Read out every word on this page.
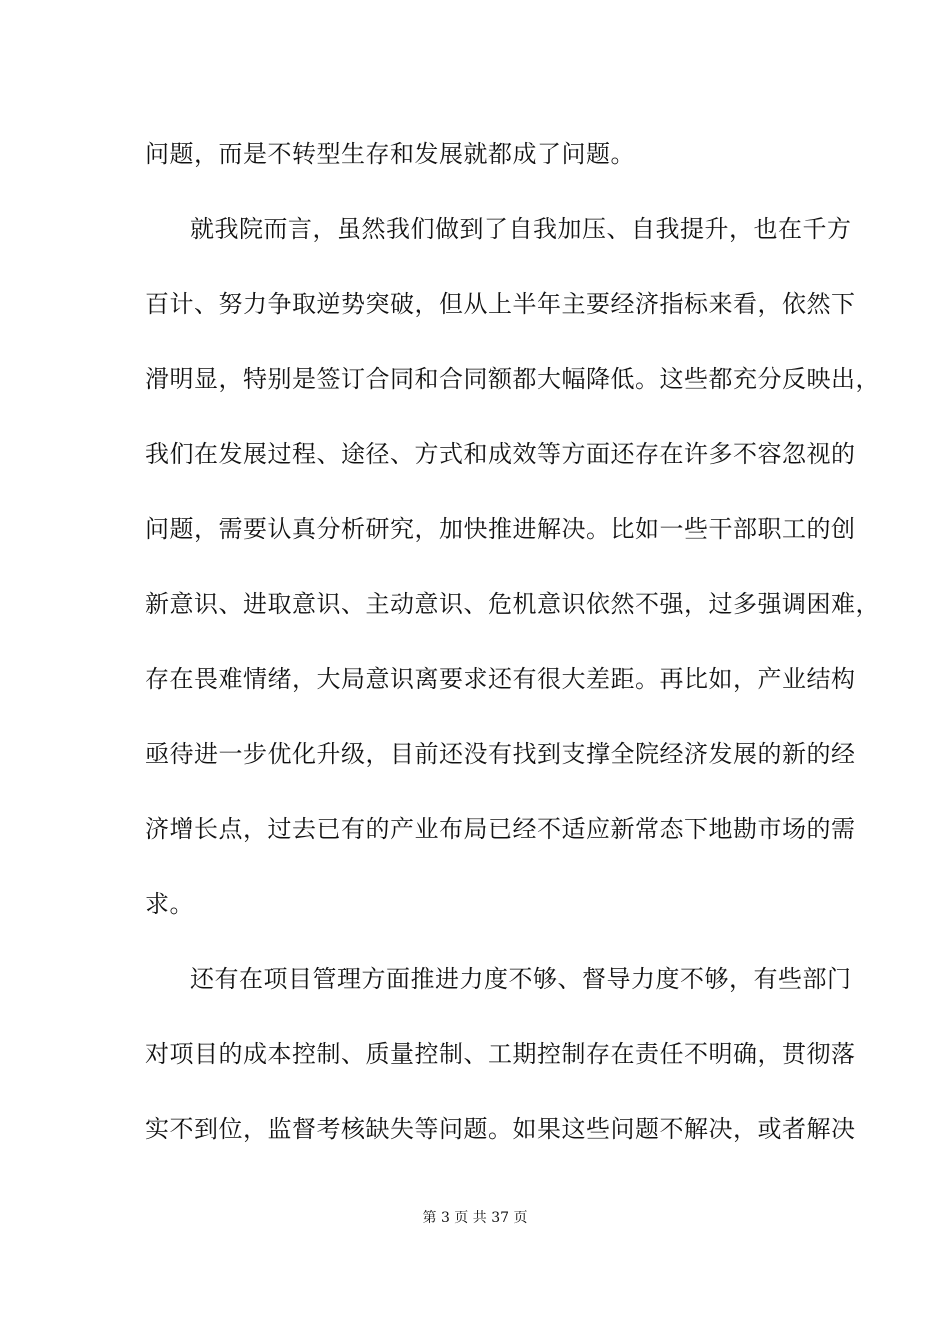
问题，而是不转型生存和发展就都成了问题。
就我院而言，虽然我们做到了自我加压、自我提升，也在千方
百计、努力争取逆势突破，但从上半年主要经济指标来看，依然下
滑明显，特别是签订合同和合同额都大幅降低。这些都充分反映出，
我们在发展过程、途径、方式和成效等方面还存在许多不容忽视的
问题，需要认真分析研究，加快推进解决。比如一些干部职工的创
新意识、进取意识、主动意识、危机意识依然不强，过多强调困难，
存在畏难情绪，大局意识离要求还有很大差距。再比如，产业结构
亟待进一步优化升级，目前还没有找到支撑全院经济发展的新的经
济增长点，过去已有的产业布局已经不适应新常态下地勘市场的需
求。
还有在项目管理方面推进力度不够、督导力度不够，有些部门
对项目的成本控制、质量控制、工期控制存在责任不明确，贯彻落
实不到位，监督考核缺失等问题。如果这些问题不解决，或者解决
第 3 页 共 37 页
